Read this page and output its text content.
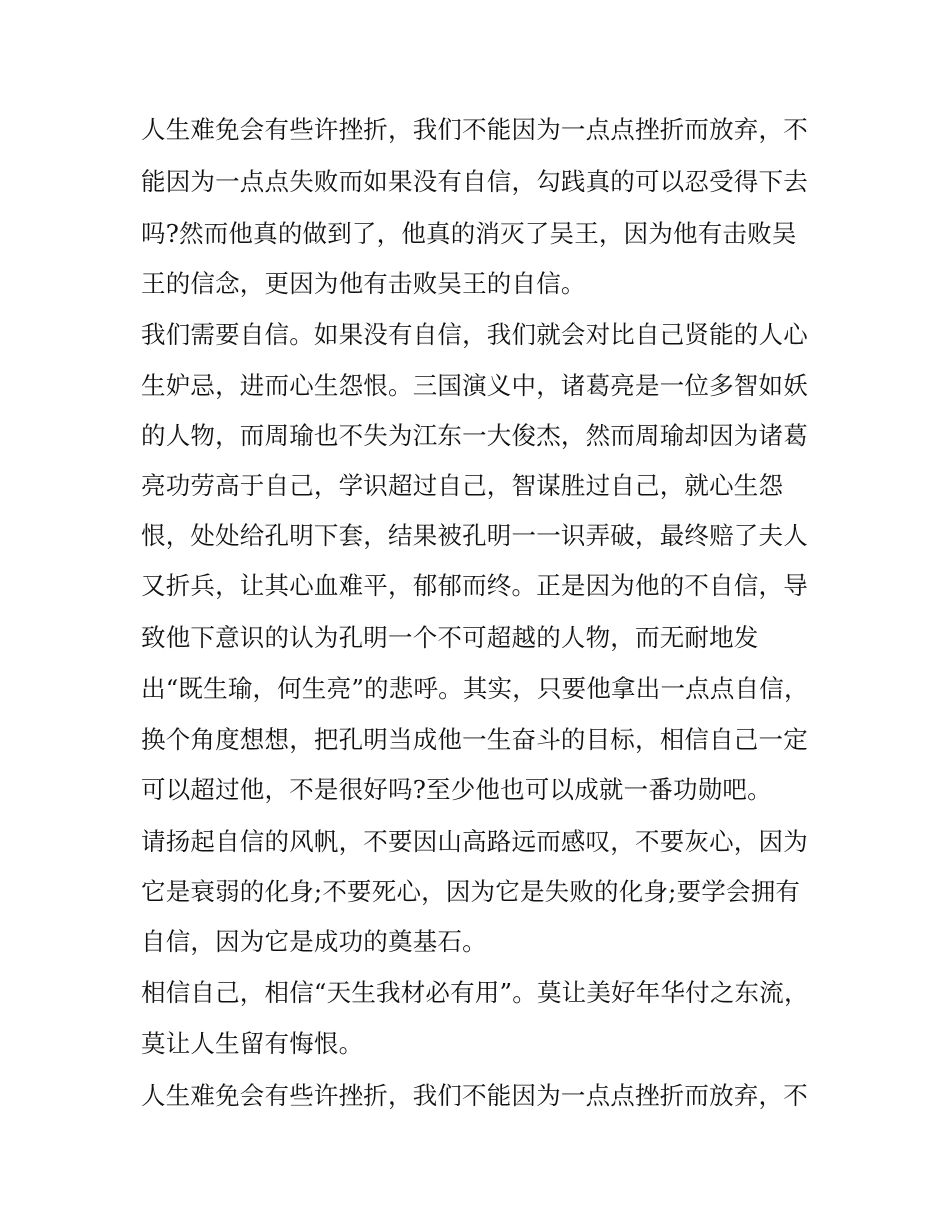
人生难免会有些许挫折，我们不能因为一点点挫折而放弃，不
能因为一点点失败而如果没有自信，勾践真的可以忍受得下去
吗?然而他真的做到了，他真的消灭了吴王，因为他有击败吴
王的信念，更因为他有击败吴王的自信。
我们需要自信。如果没有自信，我们就会对比自己贤能的人心
生妒忌，进而心生怨恨。三国演义中，诸葛亮是一位多智如妖
的人物，而周瑜也不失为江东一大俊杰，然而周瑜却因为诸葛
亮功劳高于自己，学识超过自己，智谋胜过自己，就心生怨
恨，处处给孔明下套，结果被孔明一一识弄破，最终赔了夫人
又折兵，让其心血难平，郁郁而终。正是因为他的不自信，导
致他下意识的认为孔明一个不可超越的人物，而无耐地发
出“既生瑜，何生亮”的悲呼。其实，只要他拿出一点点自信，
换个角度想想，把孔明当成他一生奋斗的目标，相信自己一定
可以超过他，不是很好吗?至少他也可以成就一番功勋吧。
请扬起自信的风帆，不要因山高路远而感叹，不要灰心，因为
它是衰弱的化身;不要死心，因为它是失败的化身;要学会拥有
自信，因为它是成功的奠基石。
相信自己，相信“天生我材必有用”。莫让美好年华付之东流，
莫让人生留有悔恨。
人生难免会有些许挫折，我们不能因为一点点挫折而放弃，不
